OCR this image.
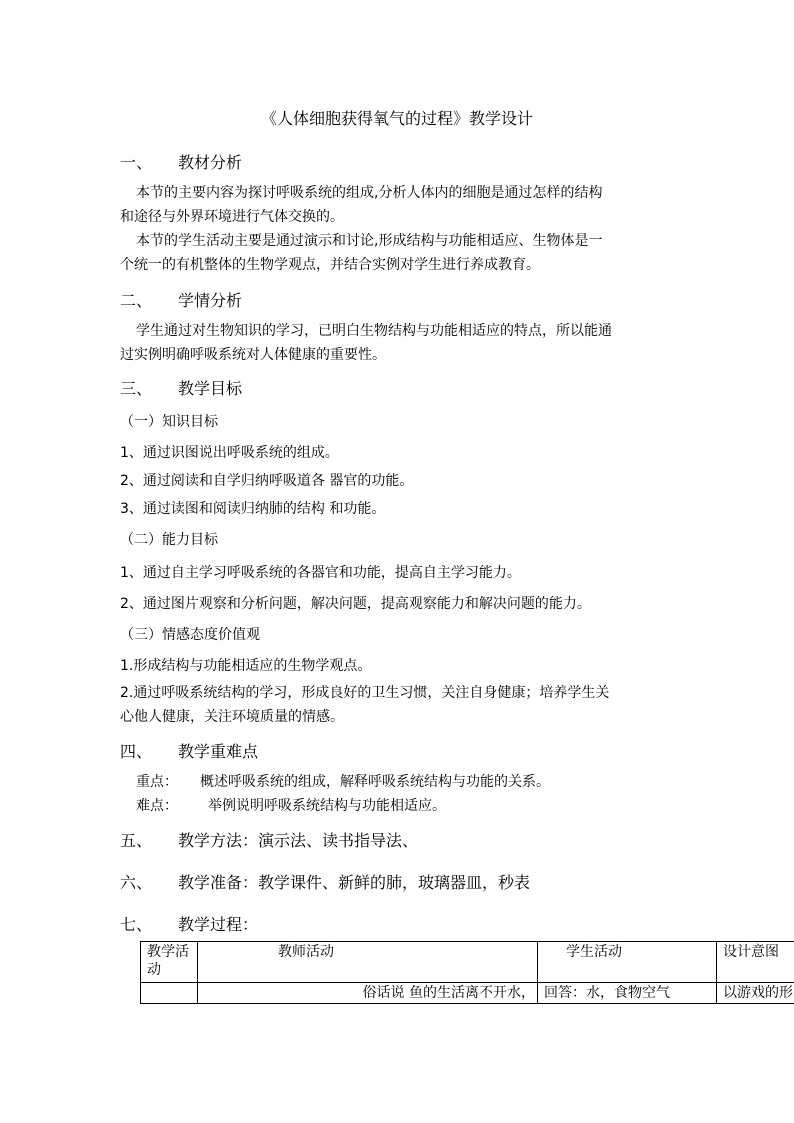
《人体细胞获得氧气的过程》教学设计
一、 教材分析
本节的主要内容为探讨呼吸系统的组成,分析人体内的细胞是通过怎样的结构
和途径与外界环境进行气体交换的。
本节的学生活动主要是通过演示和讨论,形成结构与功能相适应、生物体是一
个统一的有机整体的生物学观点，并结合实例对学生进行养成教育。
二、 学情分析
学生通过对生物知识的学习，已明白生物结构与功能相适应的特点，所以能通
过实例明确呼吸系统对人体健康的重要性。
三、 教学目标
（一）知识目标
1、通过识图说出呼吸系统的组成。
2、通过阅读和自学归纳呼吸道各 器官的功能。
3、通过读图和阅读归纳肺的结构 和功能。
（二）能力目标
1、通过自主学习呼吸系统的各器官和功能，提高自主学习能力。
2、通过图片观察和分析问题，解决问题，提高观察能力和解决问题的能力。
（三）情感态度价值观
1.形成结构与功能相适应的生物学观点。
2.通过呼吸系统结构的学习，形成良好的卫生习惯，关注自身健康；培养学生关
心他人健康，关注环境质量的情感。
四、 教学重难点
重点： 概述呼吸系统的组成，解释呼吸系统结构与功能的关系。
难点： 举例说明呼吸系统结构与功能相适应。
五、 教学方法：演示法、读书指导法、
六、 教学准备：教学课件、新鲜的肺，玻璃器皿，秒表
七、 教学过程：
教学活动	教师活动	学生活动	设计意图
	俗话说 鱼的生活离不开水，	回答：水，食物空气	以游戏的形
